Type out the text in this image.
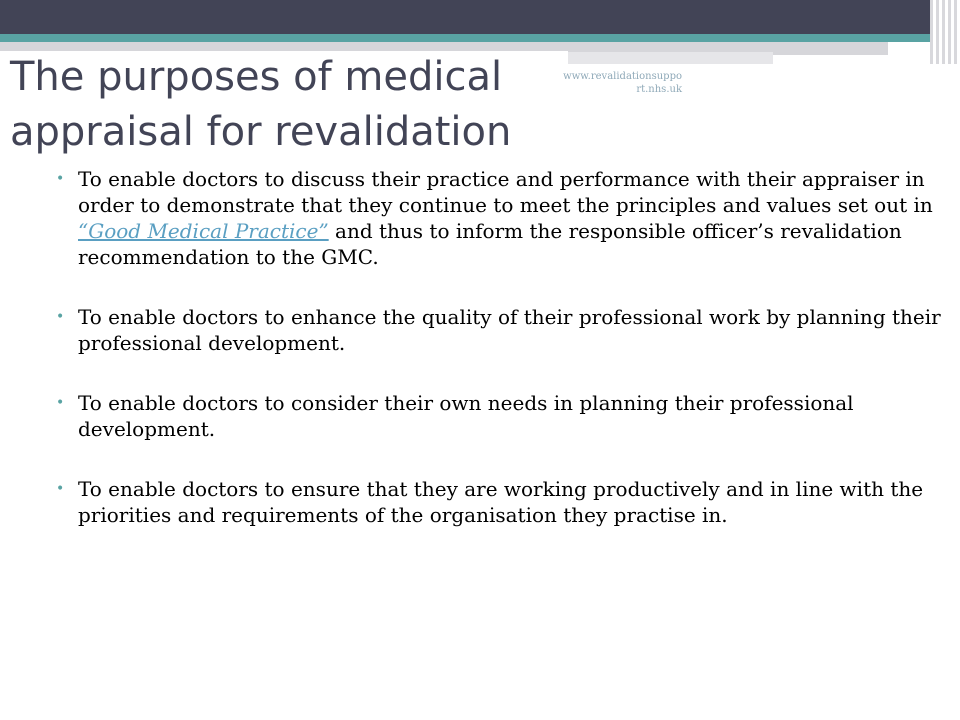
The purposes of medical appraisal for revalidation
www.revalidationsupport.nhs.uk
• To enable doctors to discuss their practice and performance with their appraiser in order to demonstrate that they continue to meet the principles and values set out in “Good Medical Practice” and thus to inform the responsible officer’s revalidation recommendation to the GMC.
• To enable doctors to enhance the quality of their professional work by planning their professional development.
• To enable doctors to consider their own needs in planning their professional development.
• To enable doctors to ensure that they are working productively and in line with the priorities and requirements of the organisation they practise in.
